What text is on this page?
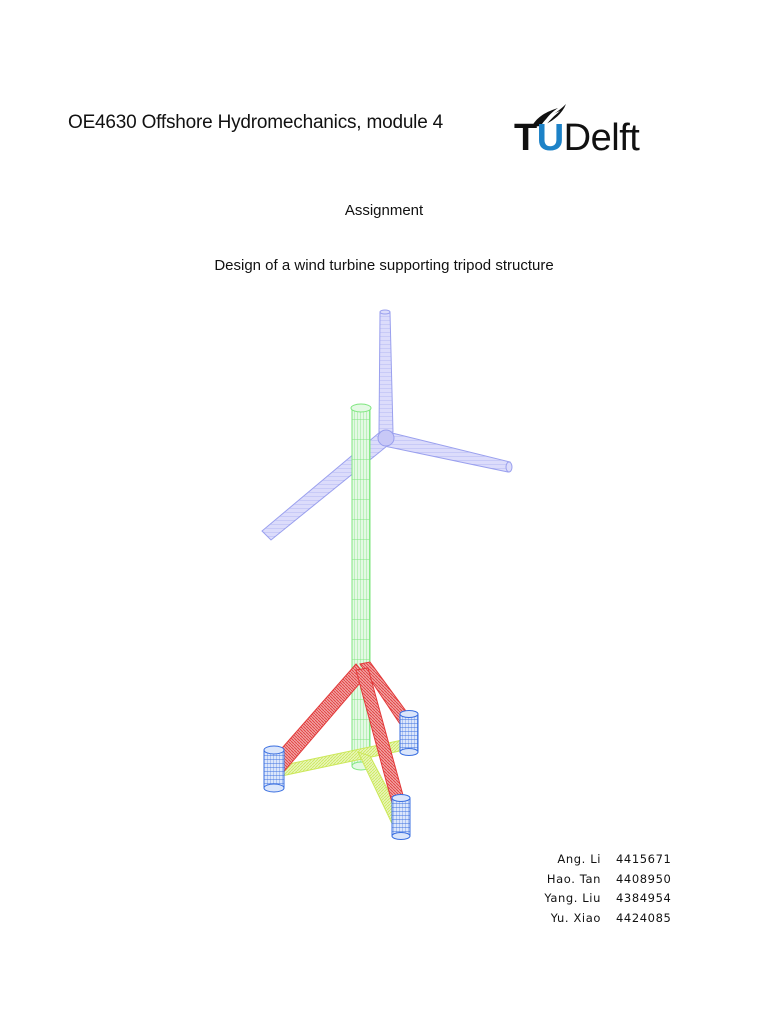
OE4630 Offshore Hydromechanics, module 4 TUDelft
Assignment
Design of a wind turbine supporting tripod structure
Ang. Li	4415671
Hao. Tan	4408950
Yang. Liu	4384954
Yu. Xiao	4424085
